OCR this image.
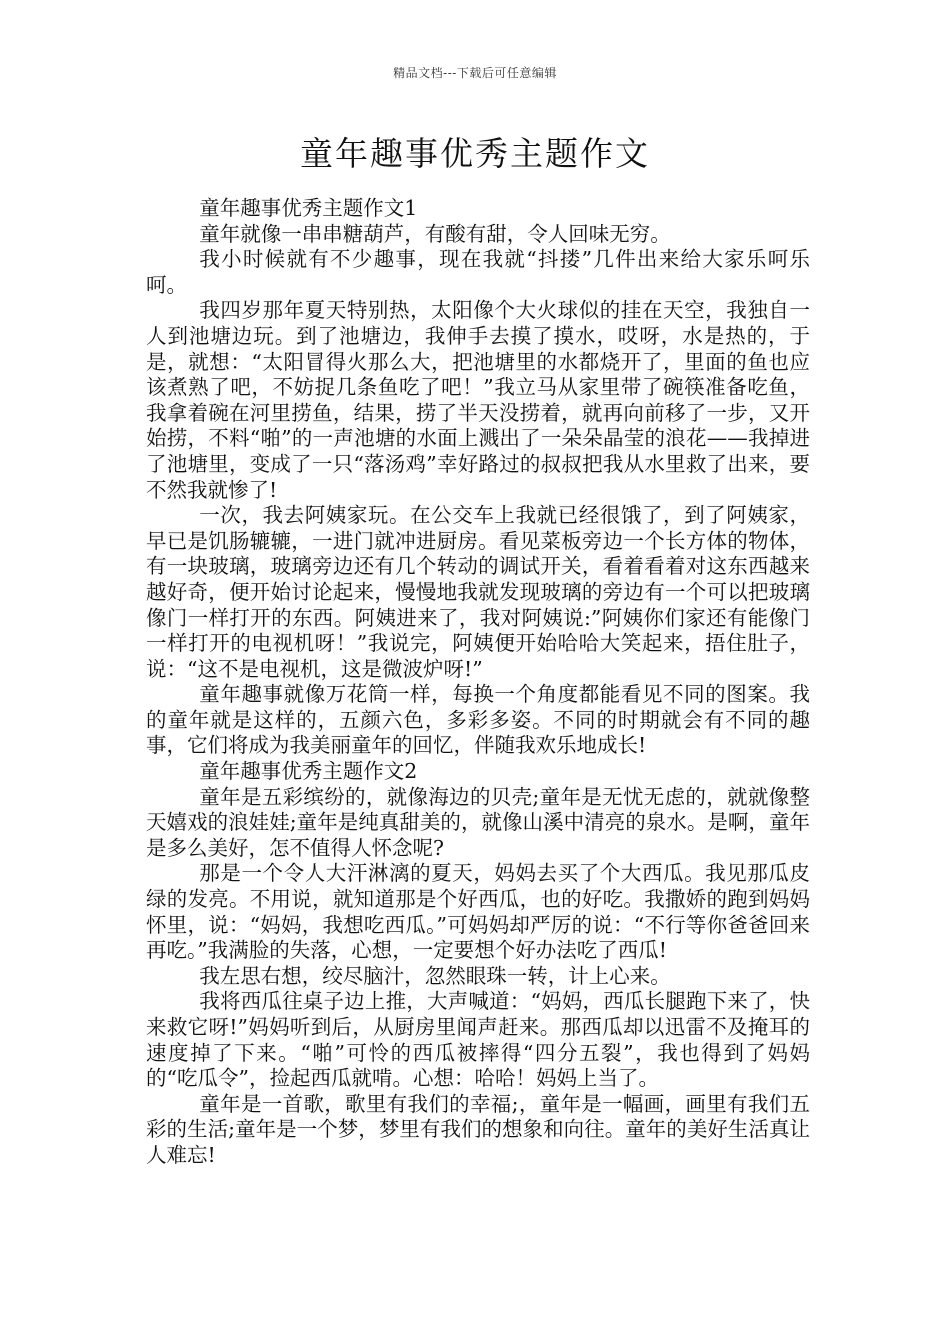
精品文档---下载后可任意编辑
童年趣事优秀主题作文

童年趣事优秀主题作文1

童年就像一串串糖葫芦，有酸有甜，令人回味无穷。

我小时候就有不少趣事，现在我就“抖搂”几件出来给大家乐呵乐呵。

我四岁那年夏天特别热，太阳像个大火球似的挂在天空，我独自一人到池塘边玩。到了池塘边，我伸手去摸了摸水，哎呀，水是热的，于是，就想：“太阳冒得火那么大，把池塘里的水都烧开了，里面的鱼也应该煮熟了吧，不妨捉几条鱼吃了吧！”我立马从家里带了碗筷准备吃鱼，我拿着碗在河里捞鱼，结果，捞了半天没捞着，就再向前移了一步，又开始捞，不料“啪”的一声池塘的水面上溅出了一朵朵晶莹的浪花——我掉进了池塘里，变成了一只“落汤鸡”幸好路过的叔叔把我从水里救了出来，要不然我就惨了!

一次，我去阿姨家玩。在公交车上我就已经很饿了，到了阿姨家，早已是饥肠辘辘，一进门就冲进厨房。看见菜板旁边一个长方体的物体，有一块玻璃，玻璃旁边还有几个转动的调试开关，看着看着对这东西越来越好奇，便开始讨论起来，慢慢地我就发现玻璃的旁边有一个可以把玻璃像门一样打开的东西。阿姨进来了，我对阿姨说:”阿姨你们家还有能像门一样打开的电视机呀！”我说完，阿姨便开始哈哈大笑起来，捂住肚子，说：“这不是电视机，这是微波炉呀!”

童年趣事就像万花筒一样，每换一个角度都能看见不同的图案。我的童年就是这样的，五颜六色，多彩多姿。不同的时期就会有不同的趣事，它们将成为我美丽童年的回忆，伴随我欢乐地成长!

童年趣事优秀主题作文2

童年是五彩缤纷的，就像海边的贝壳;童年是无忧无虑的，就就像整天嬉戏的浪娃娃;童年是纯真甜美的，就像山溪中清亮的泉水。是啊，童年是多么美好，怎不值得人怀念呢?

那是一个令人大汗淋漓的夏天，妈妈去买了个大西瓜。我见那瓜皮绿的发亮。不用说，就知道那是个好西瓜，也的好吃。我撒娇的跑到妈妈怀里，说：“妈妈，我想吃西瓜。”可妈妈却严厉的说：“不行等你爸爸回来再吃。”我满脸的失落，心想，一定要想个好办法吃了西瓜!

我左思右想，绞尽脑汁，忽然眼珠一转，计上心来。

我将西瓜往桌子边上推，大声喊道：“妈妈，西瓜长腿跑下来了，快来救它呀!”妈妈听到后，从厨房里闻声赶来。那西瓜却以迅雷不及掩耳的速度掉了下来。“啪”可怜的西瓜被摔得“四分五裂”，我也得到了妈妈的“吃瓜令”，捡起西瓜就啃。心想：哈哈！妈妈上当了。

童年是一首歌，歌里有我们的幸福;，童年是一幅画，画里有我们五彩的生活;童年是一个梦，梦里有我们的想象和向往。童年的美好生活真让人难忘!
